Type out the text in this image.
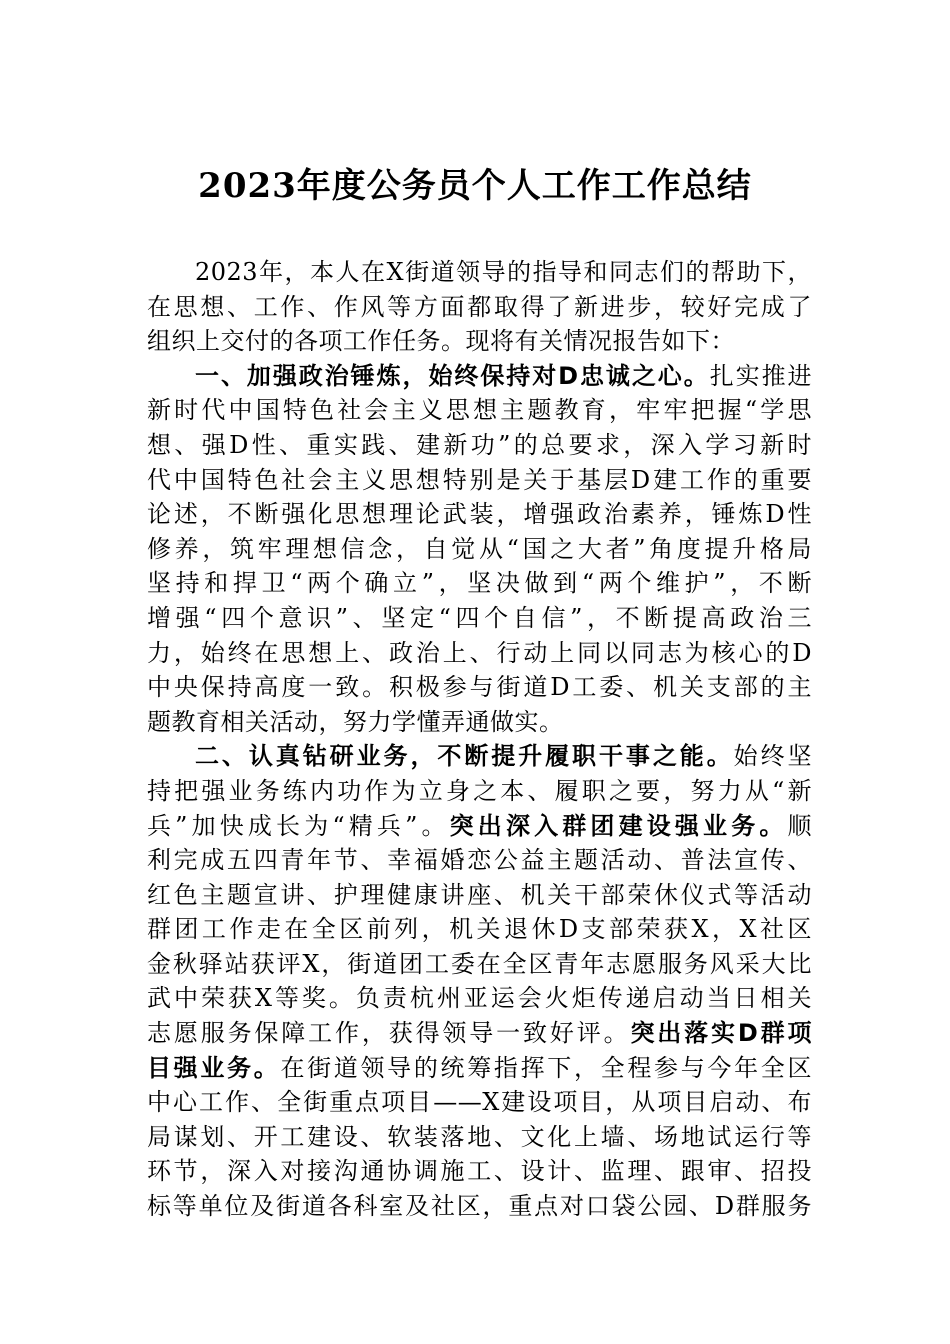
2023年度公务员个人工作工作总结
2023年，本人在X街道领导的指导和同志们的帮助下，
在思想、工作、作风等方面都取得了新进步，较好完成了
组织上交付的各项工作任务。现将有关情况报告如下：
一、加强政治锤炼，始终保持对D忠诚之心。扎实推进
新时代中国特色社会主义思想主题教育，牢牢把握“学思
想、强D性、重实践、建新功”的总要求，深入学习新时
代中国特色社会主义思想特别是关于基层D建工作的重要
论述，不断强化思想理论武装，增强政治素养，锤炼D性
修养，筑牢理想信念，自觉从“国之大者”角度提升格局
坚持和捍卫“两个确立”，坚决做到“两个维护”，不断
增强“四个意识”、坚定“四个自信”，不断提高政治三
力，始终在思想上、政治上、行动上同以同志为核心的D
中央保持高度一致。积极参与街道D工委、机关支部的主
题教育相关活动，努力学懂弄通做实。
二、认真钻研业务，不断提升履职干事之能。始终坚
持把强业务练内功作为立身之本、履职之要，努力从“新
兵”加快成长为“精兵”。突出深入群团建设强业务。顺
利完成五四青年节、幸福婚恋公益主题活动、普法宣传、
红色主题宣讲、护理健康讲座、机关干部荣休仪式等活动
群团工作走在全区前列，机关退休D支部荣获X，X社区
金秋驿站获评X，街道团工委在全区青年志愿服务风采大比
武中荣获X等奖。负责杭州亚运会火炬传递启动当日相关
志愿服务保障工作，获得领导一致好评。突出落实D群项
目强业务。在街道领导的统筹指挥下，全程参与今年全区
中心工作、全街重点项目——X建设项目，从项目启动、布
局谋划、开工建设、软装落地、文化上墙、场地试运行等
环节，深入对接沟通协调施工、设计、监理、跟审、招投
标等单位及街道各科室及社区，重点对口袋公园、D群服务
